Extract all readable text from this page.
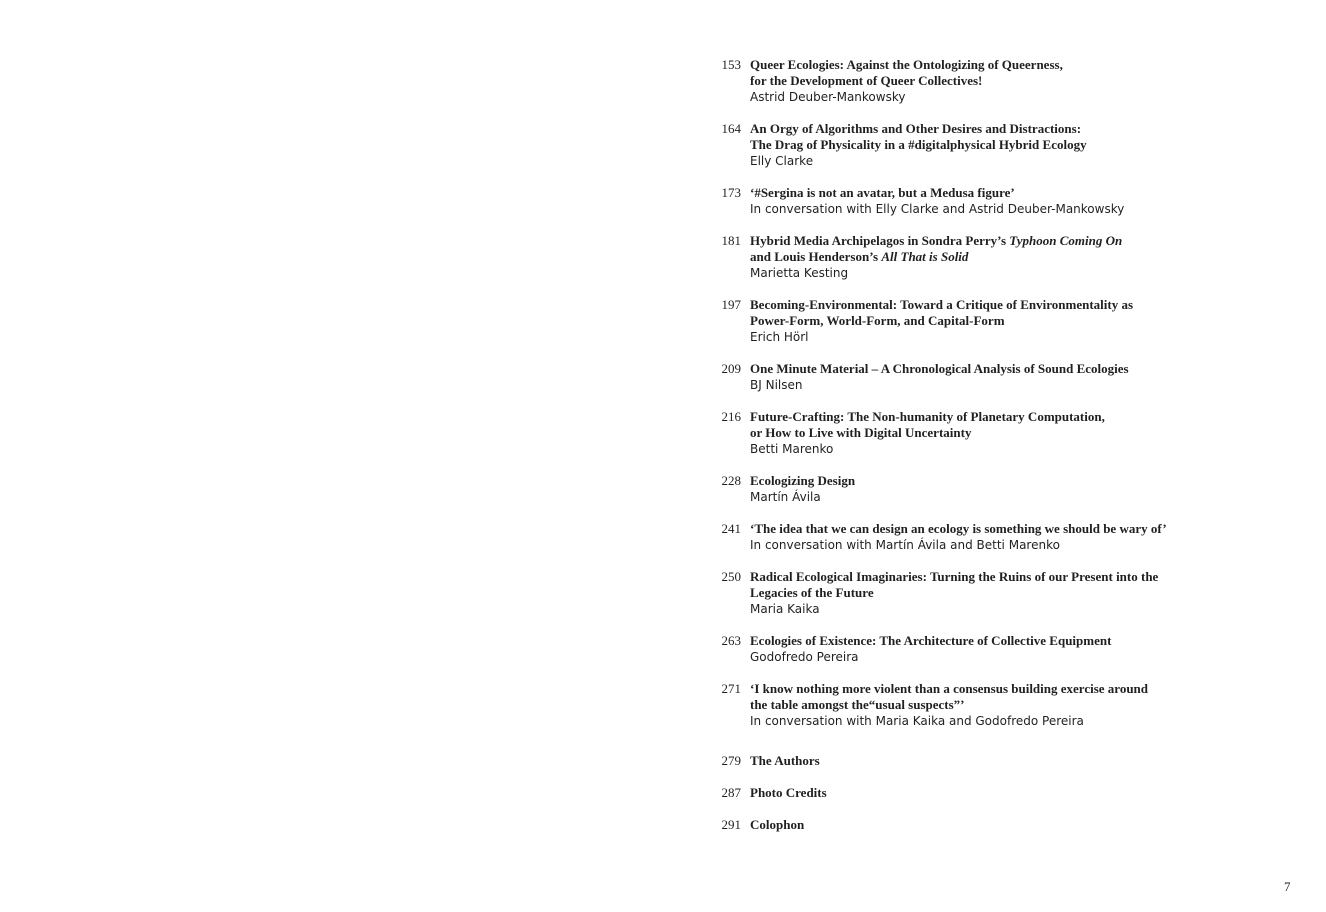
153 Queer Ecologies: Against the Ontologizing of Queerness,
for the Development of Queer Collectives!
Astrid Deuber-Mankowsky
164 An Orgy of Algorithms and Other Desires and Distractions:
The Drag of Physicality in a #digitalphysical Hybrid Ecology
Elly Clarke
173 ‘#Sergina is not an avatar, but a Medusa figure’
In conversation with Elly Clarke and Astrid Deuber-Mankowsky
181 Hybrid Media Archipelagos in Sondra Perry’s Typhoon Coming On
and Louis Henderson’s All That is Solid
Marietta Kesting
197 Becoming-Environmental: Toward a Critique of Environmentality as
Power-Form, World-Form, and Capital-Form
Erich Hörl
209 One Minute Material – A Chronological Analysis of Sound Ecologies
BJ Nilsen
216 Future-Crafting: The Non-humanity of Planetary Computation,
or How to Live with Digital Uncertainty
Betti Marenko
228 Ecologizing Design
Martín Ávila
241 ‘The idea that we can design an ecology is something we should be wary of’
In conversation with Martín Ávila and Betti Marenko
250 Radical Ecological Imaginaries: Turning the Ruins of our Present into the
Legacies of the Future
Maria Kaika
263 Ecologies of Existence: The Architecture of Collective Equipment
Godofredo Pereira
271 ‘I know nothing more violent than a consensus building exercise around
the table amongst the“usual suspects”’
In conversation with Maria Kaika and Godofredo Pereira
279 The Authors
287 Photo Credits
291 Colophon
7
